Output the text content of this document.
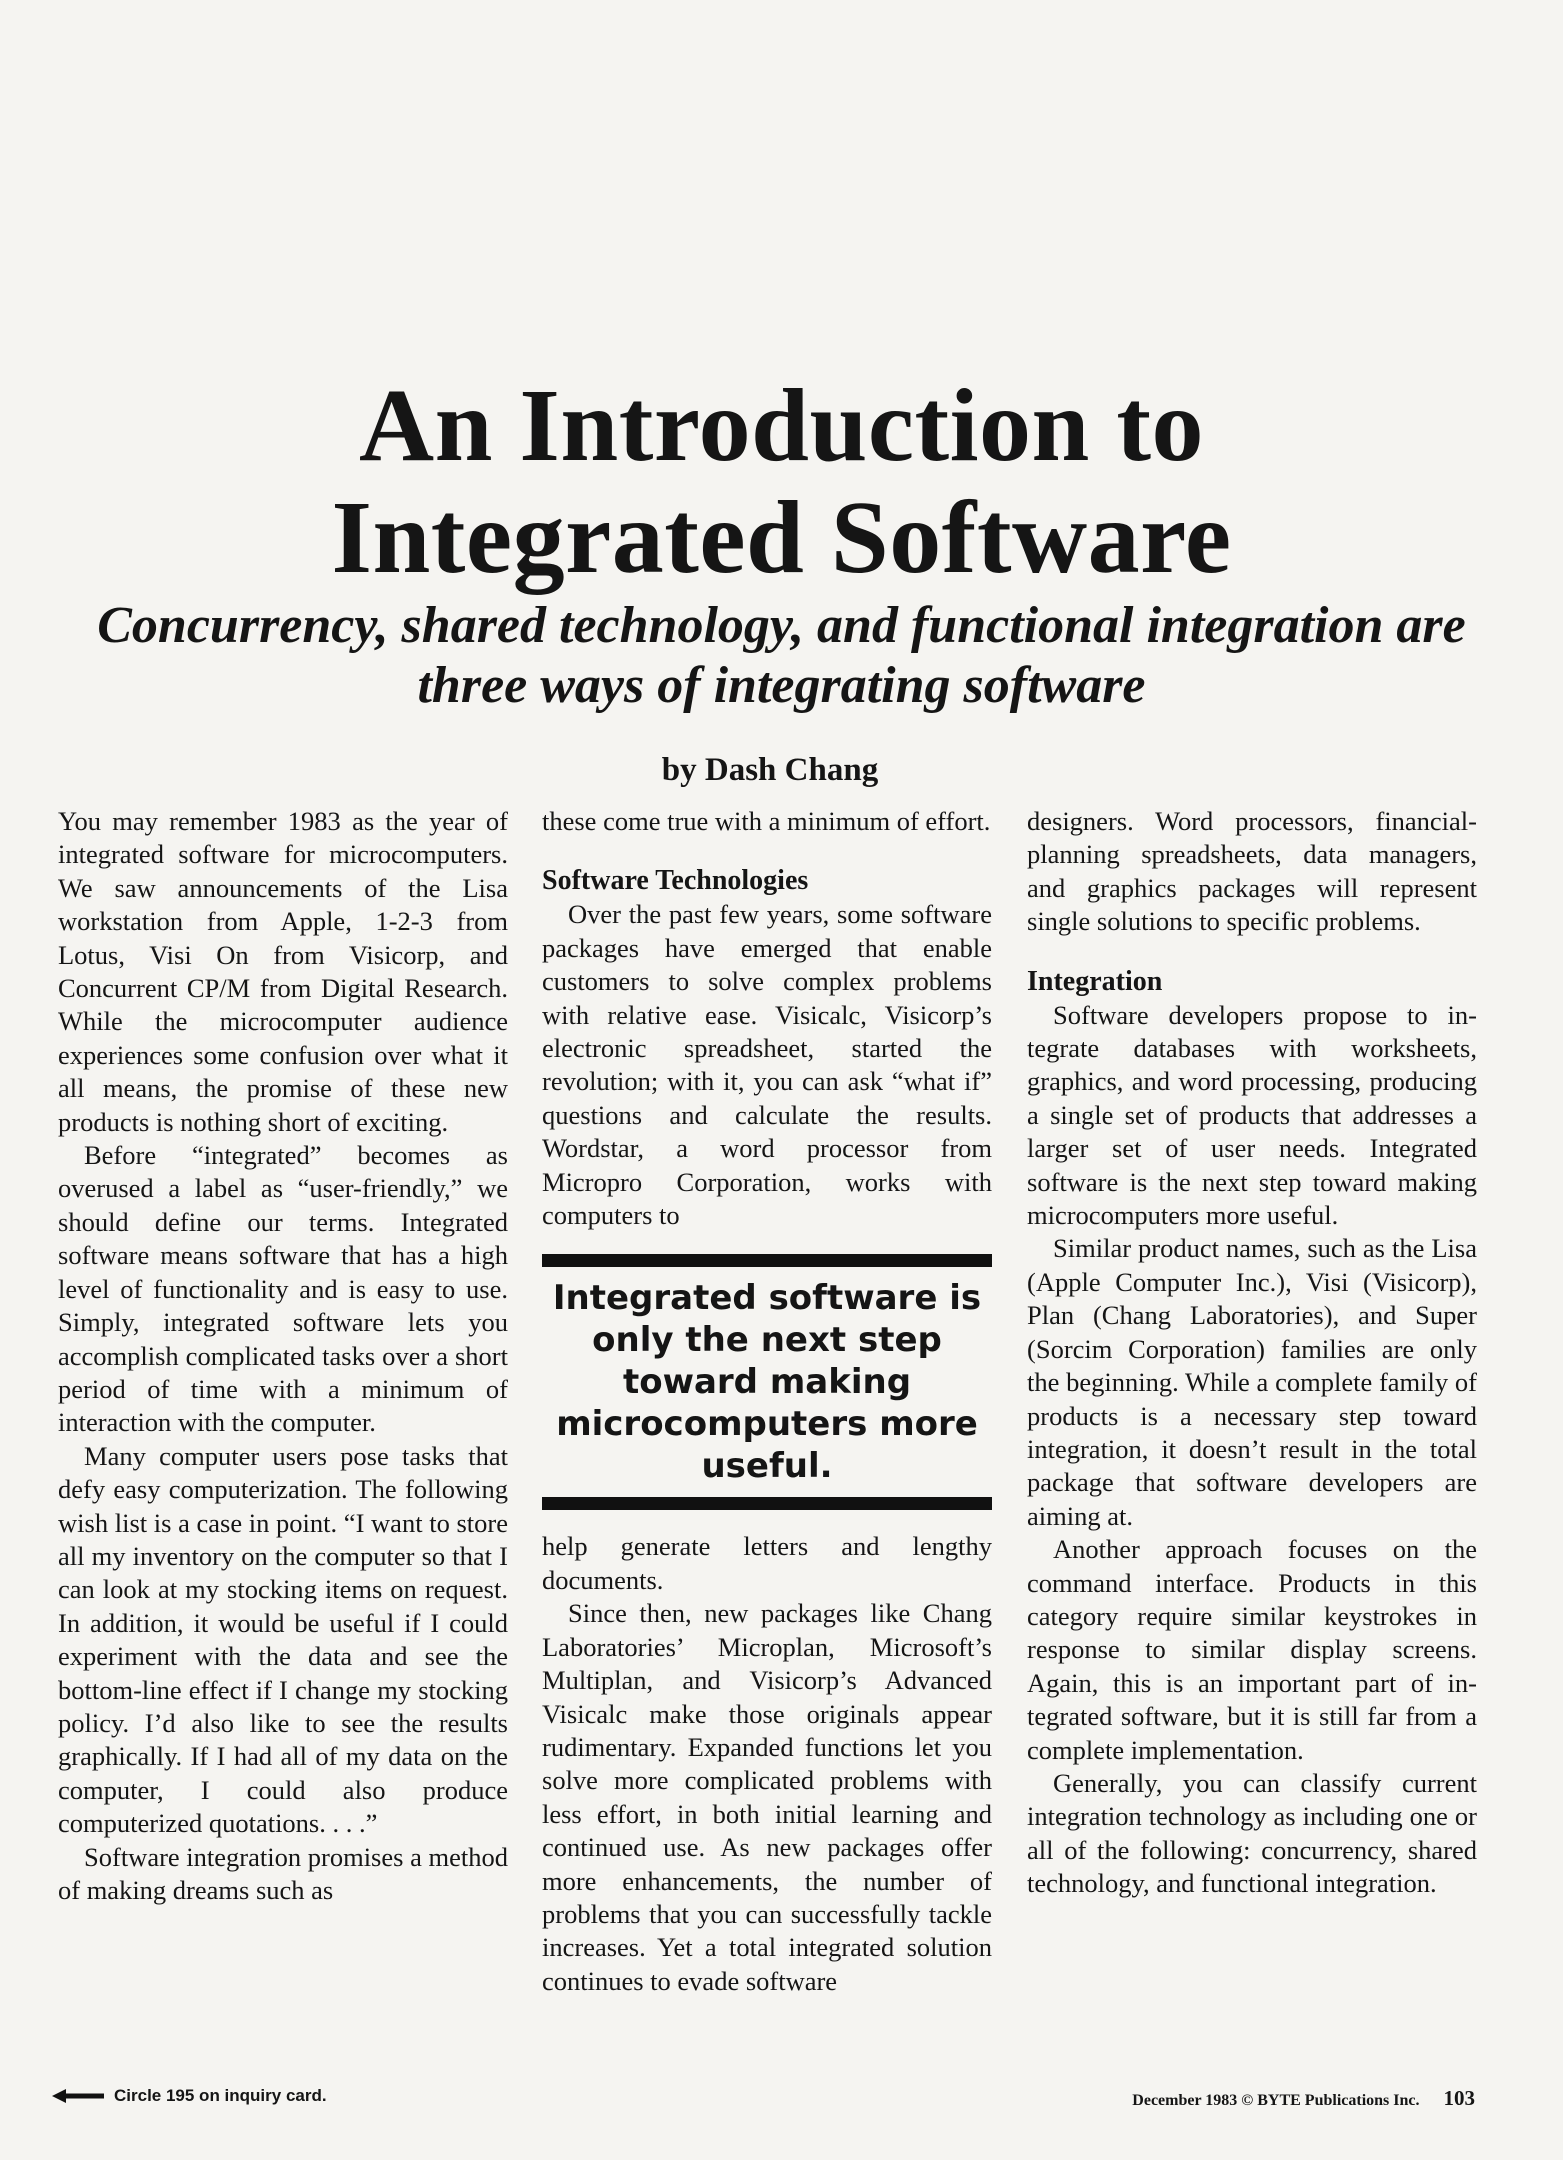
An Introduction to
Integrated Software
Concurrency, shared technology, and functional integration are
three ways of integrating software
by Dash Chang

You may remember 1983 as the year of integrated software for microcomputers. We saw announcements of the Lisa workstation from Apple, 1-2-3 from Lotus, Visi On from Visicorp, and Concurrent CP/M from Digital Research. While the microcomputer audience experiences some confusion over what it all means, the promise of these new products is nothing short of exciting.

Before “integrated” becomes as overused a label as “user-friendly,” we should define our terms. Integrated software means software that has a high level of functionality and is easy to use. Simply, integrated software lets you accomplish complicated tasks over a short period of time with a minimum of interaction with the computer.

Many computer users pose tasks that defy easy computerization. The following wish list is a case in point. “I want to store all my inventory on the computer so that I can look at my stocking items on request. In addition, it would be useful if I could experiment with the data and see the bottom-line effect if I change my stocking policy. I’d also like to see the results graphically. If I had all of my data on the computer, I could also produce computerized quotations. . . .”

Software integration promises a method of making dreams such as

these come true with a minimum of effort.

Software Technologies

Over the past few years, some software packages have emerged that enable customers to solve complex problems with relative ease. Visicalc, Visicorp’s electronic spreadsheet, started the revolution; with it, you can ask “what if” questions and calculate the results. Wordstar, a word processor from Micropro Corporation, works with computers to

Integrated software is only the next step toward making microcomputers more useful.

help generate letters and lengthy documents.

Since then, new packages like Chang Laboratories’ Microplan, Microsoft’s Multiplan, and Visicorp’s Advanced Visicalc make those originals appear rudimentary. Expanded functions let you solve more complicated problems with less effort, in both initial learning and continued use. As new packages offer more enhancements, the number of problems that you can successfully tackle increases. Yet a total integrated solution continues to evade software

designers. Word processors, financial-planning spreadsheets, data managers, and graphics packages will represent single solutions to specific problems.

Integration

Software developers propose to integrate databases with worksheets, graphics, and word processing, producing a single set of products that addresses a larger set of user needs. Integrated software is the next step toward making microcomputers more useful.

Similar product names, such as the Lisa (Apple Computer Inc.), Visi (Visicorp), Plan (Chang Laboratories), and Super (Sorcim Corporation) families are only the beginning. While a complete family of products is a necessary step toward integration, it doesn’t result in the total package that software developers are aiming at.

Another approach focuses on the command interface. Products in this category require similar keystrokes in response to similar display screens. Again, this is an important part of integrated software, but it is still far from a complete implementation.

Generally, you can classify current integration technology as including one or all of the following: concurrency, shared technology, and functional integration.

Circle 195 on inquiry card.	December 1983 © BYTE Publications Inc. 103
